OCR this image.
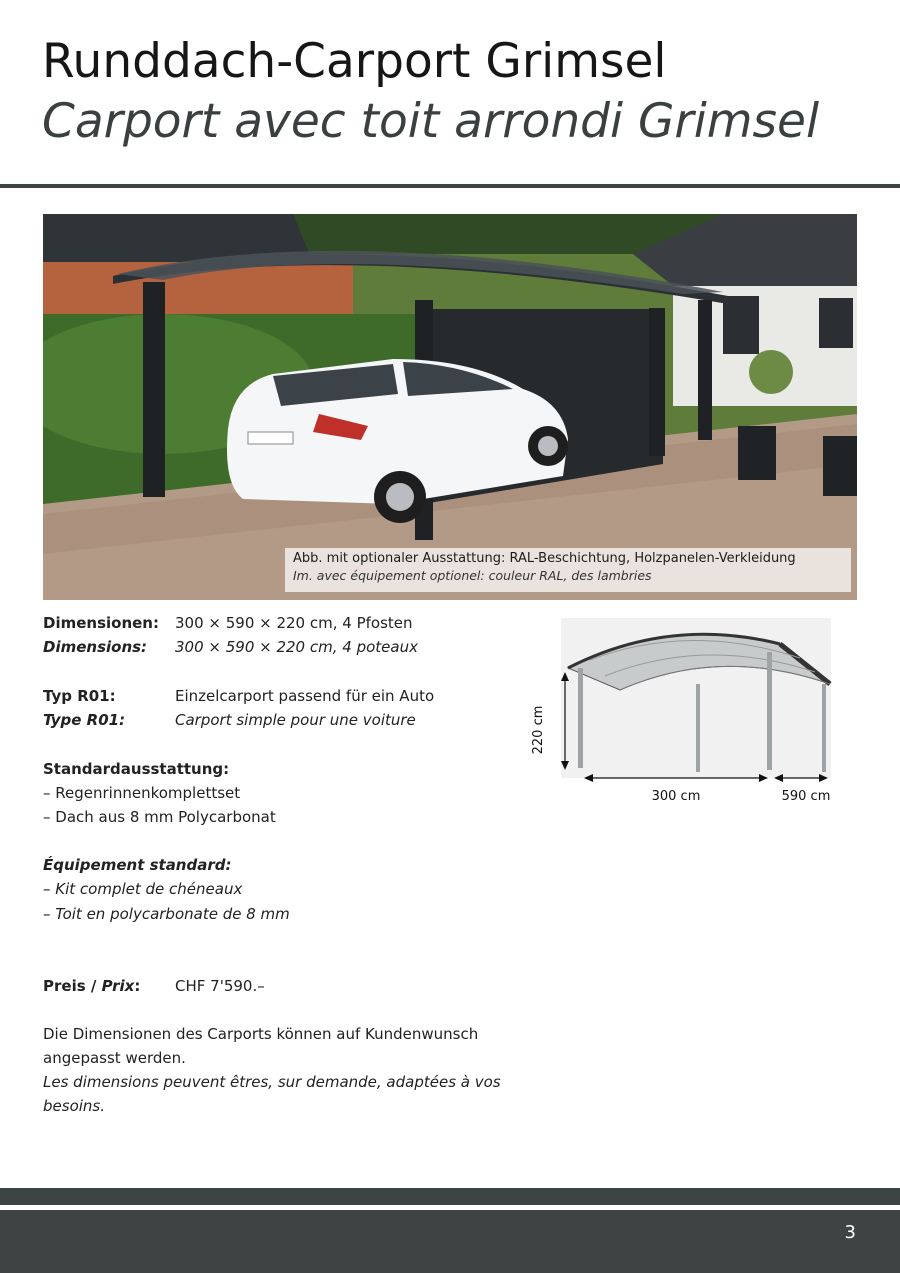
Runddach-Carport Grimsel
Carport avec toit arrondi Grimsel
Abb. mit optionaler Ausstattung: RAL-Beschichtung, Holzpanelen-Verkleidung
Im. avec équipement optionel: couleur RAL, des lambries
Dimensionen: 300 × 590 × 220 cm, 4 Pfosten
Dimensions: 300 × 590 × 220 cm, 4 poteaux
Typ R01:	Einzelcarport passend für ein Auto
Type R01:	Carport simple pour une voiture
Standardausstattung:
– Regenrinnenkomplettset
– Dach aus 8 mm Polycarbonat
Équipement standard:
– Kit complet de chéneaux
– Toit en polycarbonate de 8 mm
Preis / Prix: CHF 7'590.–
Die Dimensionen des Carports können auf Kundenwunsch angepasst werden.
Les dimensions peuvent êtres, sur demande, adaptées à vos besoins.
220 cm
300 cm	590 cm
3
